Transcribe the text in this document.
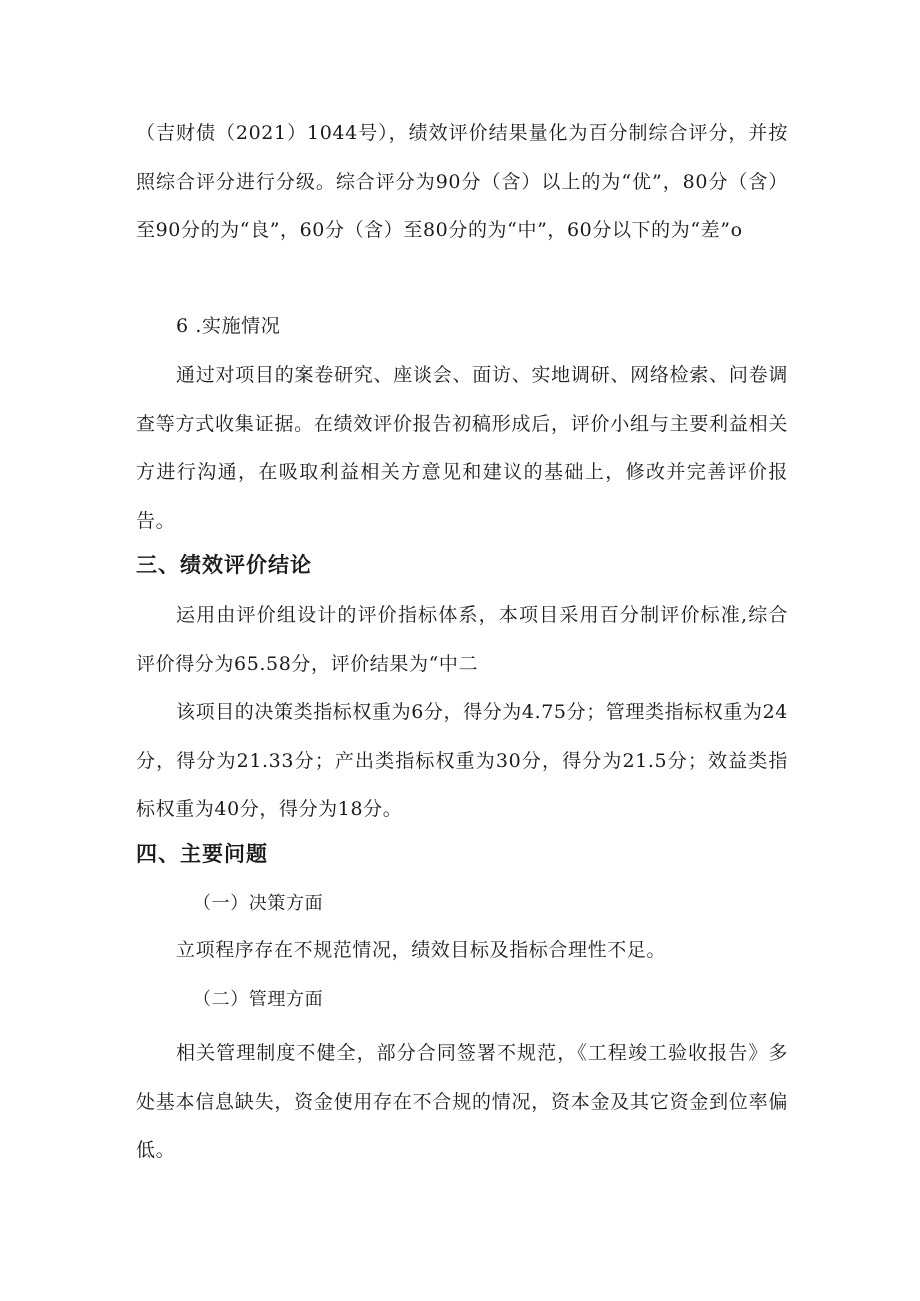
（吉财债（2021）1044号），绩效评价结果量化为百分制综合评分，并按照综合评分进行分级。综合评分为90分（含）以上的为“优”，80分（含）至90分的为“良”，60分（含）至80分的为“中”，60分以下的为“差”o

6 .实施情况

通过对项目的案卷研究、座谈会、面访、实地调研、网络检索、问卷调查等方式收集证据。在绩效评价报告初稿形成后，评价小组与主要利益相关方进行沟通，在吸取利益相关方意见和建议的基础上，修改并完善评价报告。

三、绩效评价结论

运用由评价组设计的评价指标体系，本项目采用百分制评价标准,综合评价得分为65.58分，评价结果为“中二

该项目的决策类指标权重为6分，得分为4.75分；管理类指标权重为24分，得分为21.33分；产出类指标权重为30分，得分为21.5分；效益类指标权重为40分，得分为18分。

四、主要问题

（一）决策方面

立项程序存在不规范情况，绩效目标及指标合理性不足。

（二）管理方面

相关管理制度不健全，部分合同签署不规范，《工程竣工验收报告》多处基本信息缺失，资金使用存在不合规的情况，资本金及其它资金到位率偏低。
